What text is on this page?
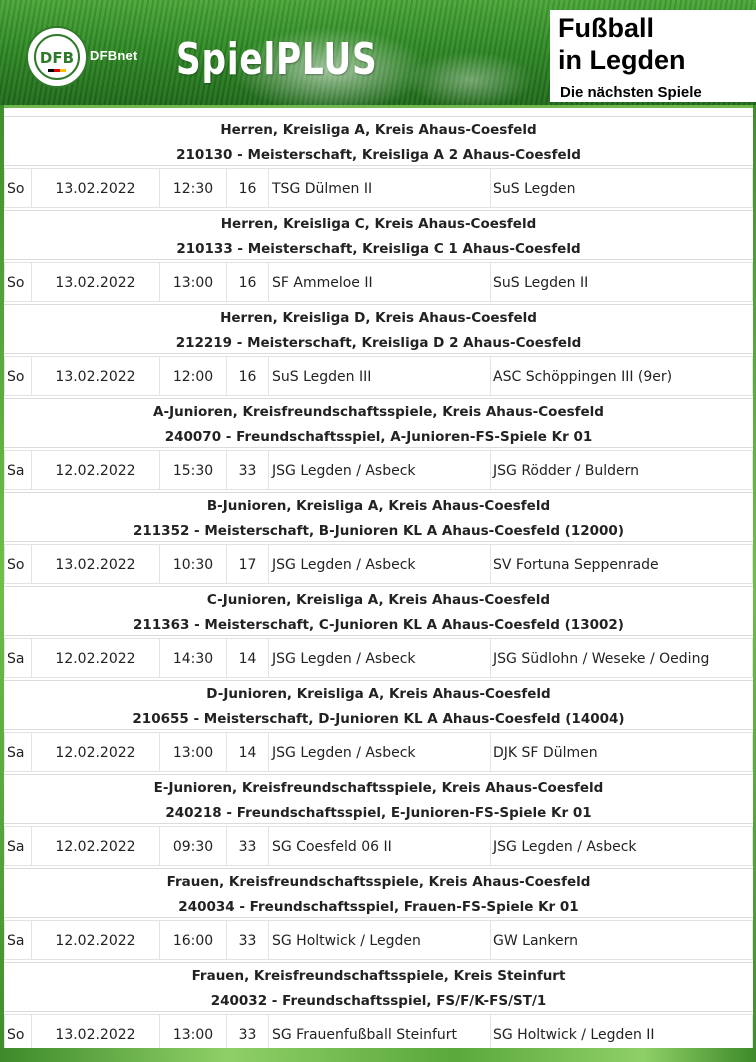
DFB DFBnet SpielPLUS
Fußball
in Legden
Die nächsten Spiele
Herren, Kreisliga A, Kreis Ahaus-Coesfeld
210130 - Meisterschaft, Kreisliga A 2 Ahaus-Coesfeld
So	13.02.2022	12:30	16	TSG Dülmen II	SuS Legden
Herren, Kreisliga C, Kreis Ahaus-Coesfeld
210133 - Meisterschaft, Kreisliga C 1 Ahaus-Coesfeld
So	13.02.2022	13:00	16	SF Ammeloe II	SuS Legden II
Herren, Kreisliga D, Kreis Ahaus-Coesfeld
212219 - Meisterschaft, Kreisliga D 2 Ahaus-Coesfeld
So	13.02.2022	12:00	16	SuS Legden III	ASC Schöppingen III (9er)
A-Junioren, Kreisfreundschaftsspiele, Kreis Ahaus-Coesfeld
240070 - Freundschaftsspiel, A-Junioren-FS-Spiele Kr 01
Sa	12.02.2022	15:30	33	JSG Legden / Asbeck	JSG Rödder / Buldern
B-Junioren, Kreisliga A, Kreis Ahaus-Coesfeld
211352 - Meisterschaft, B-Junioren KL A Ahaus-Coesfeld (12000)
So	13.02.2022	10:30	17	JSG Legden / Asbeck	SV Fortuna Seppenrade
C-Junioren, Kreisliga A, Kreis Ahaus-Coesfeld
211363 - Meisterschaft, C-Junioren KL A Ahaus-Coesfeld (13002)
Sa	12.02.2022	14:30	14	JSG Legden / Asbeck	JSG Südlohn / Weseke / Oeding
D-Junioren, Kreisliga A, Kreis Ahaus-Coesfeld
210655 - Meisterschaft, D-Junioren KL A Ahaus-Coesfeld (14004)
Sa	12.02.2022	13:00	14	JSG Legden / Asbeck	DJK SF Dülmen
E-Junioren, Kreisfreundschaftsspiele, Kreis Ahaus-Coesfeld
240218 - Freundschaftsspiel, E-Junioren-FS-Spiele Kr 01
Sa	12.02.2022	09:30	33	SG Coesfeld 06 II	JSG Legden / Asbeck
Frauen, Kreisfreundschaftsspiele, Kreis Ahaus-Coesfeld
240034 - Freundschaftsspiel, Frauen-FS-Spiele Kr 01
Sa	12.02.2022	16:00	33	SG Holtwick / Legden	GW Lankern
Frauen, Kreisfreundschaftsspiele, Kreis Steinfurt
240032 - Freundschaftsspiel, FS/F/K-FS/ST/1
So	13.02.2022	13:00	33	SG Frauenfußball Steinfurt	SG Holtwick / Legden II
